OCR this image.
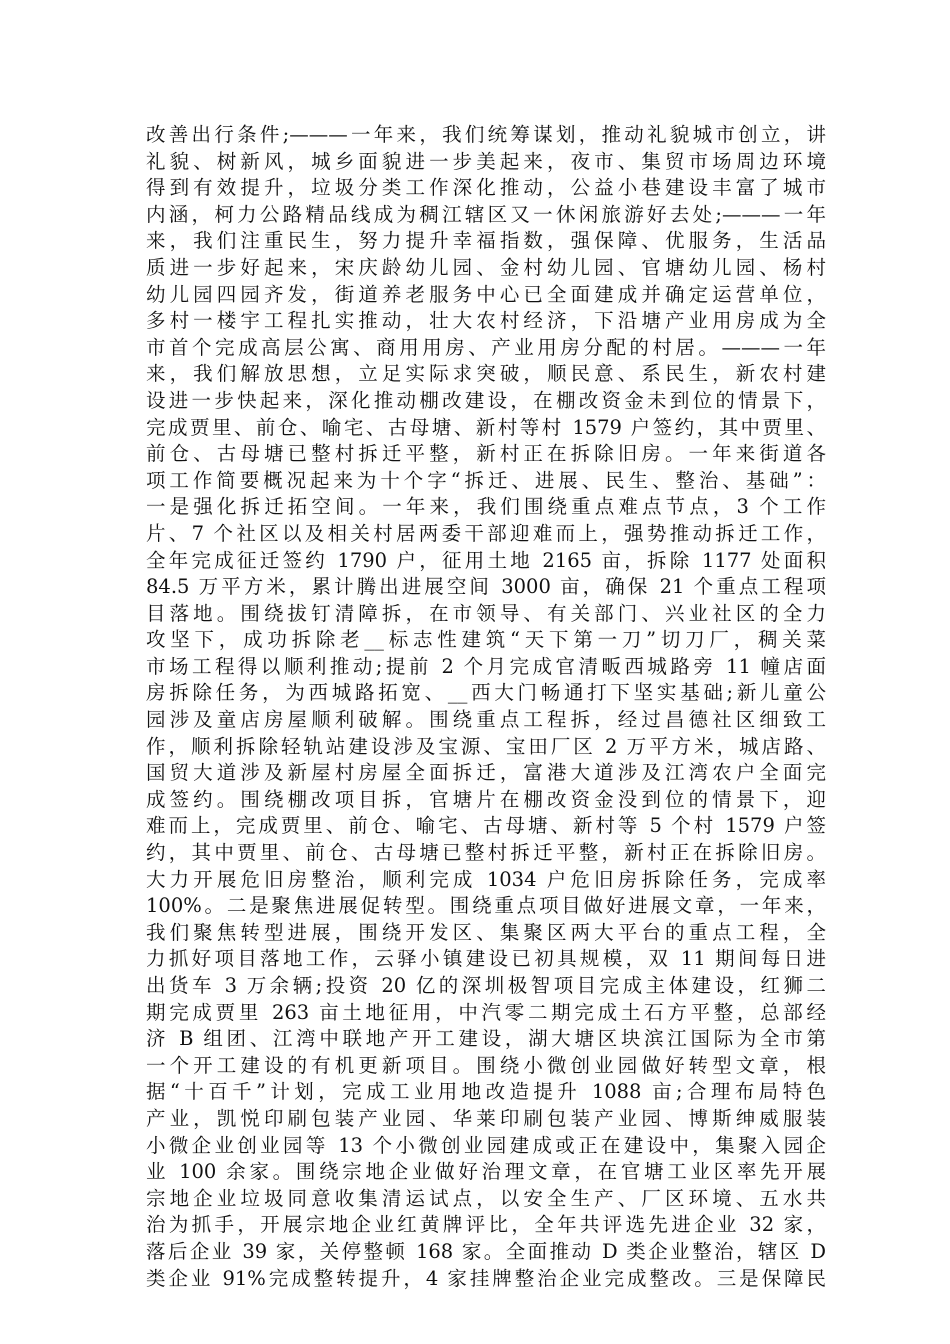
改善出行条件;———一年来，我们统筹谋划，推动礼貌城市创立，讲
礼貌、树新风，城乡面貌进一步美起来，夜市、集贸市场周边环境
得到有效提升，垃圾分类工作深化推动，公益小巷建设丰富了城市
内涵，柯力公路精品线成为稠江辖区又一休闲旅游好去处;———一年
来，我们注重民生，努力提升幸福指数，强保障、优服务，生活品
质进一步好起来，宋庆龄幼儿园、金村幼儿园、官塘幼儿园、杨村
幼儿园四园齐发，街道养老服务中心已全面建成并确定运营单位，
多村一楼宇工程扎实推动，壮大农村经济，下沿塘产业用房成为全
市首个完成高层公寓、商用用房、产业用房分配的村居。———一年
来，我们解放思想，立足实际求突破，顺民意、系民生，新农村建
设进一步快起来，深化推动棚改建设，在棚改资金未到位的情景下，
完成贾里、前仓、喻宅、古母塘、新村等村 1579 户签约，其中贾里、
前仓、古母塘已整村拆迁平整，新村正在拆除旧房。一年来街道各
项工作简要概况起来为十个字“拆迁、进展、民生、整治、基础”：
一是强化拆迁拓空间。一年来，我们围绕重点难点节点，3 个工作
片、7 个社区以及相关村居两委干部迎难而上，强势推动拆迁工作，
全年完成征迁签约 1790 户，征用土地 2165 亩，拆除 1177 处面积
84.5 万平方米，累计腾出进展空间 3000 亩，确保 21 个重点工程项
目落地。围绕拔钉清障拆，在市领导、有关部门、兴业社区的全力
攻坚下，成功拆除老__标志性建筑“天下第一刀”切刀厂，稠关菜
市场工程得以顺利推动;提前 2 个月完成官清畈西城路旁 11 幢店面
房拆除任务，为西城路拓宽、__西大门畅通打下坚实基础;新儿童公
园涉及童店房屋顺利破解。围绕重点工程拆，经过昌德社区细致工
作，顺利拆除轻轨站建设涉及宝源、宝田厂区 2 万平方米，城店路、
国贸大道涉及新屋村房屋全面拆迁，富港大道涉及江湾农户全面完
成签约。围绕棚改项目拆，官塘片在棚改资金没到位的情景下，迎
难而上，完成贾里、前仓、喻宅、古母塘、新村等 5 个村 1579 户签
约，其中贾里、前仓、古母塘已整村拆迁平整，新村正在拆除旧房。
大力开展危旧房整治，顺利完成 1034 户危旧房拆除任务，完成率
100%。二是聚焦进展促转型。围绕重点项目做好进展文章，一年来，
我们聚焦转型进展，围绕开发区、集聚区两大平台的重点工程，全
力抓好项目落地工作，云驿小镇建设已初具规模，双 11 期间每日进
出货车 3 万余辆;投资 20 亿的深圳极智项目完成主体建设，红狮二
期完成贾里 263 亩土地征用，中汽零二期完成土石方平整，总部经
济 B 组团、江湾中联地产开工建设，湖大塘区块滨江国际为全市第
一个开工建设的有机更新项目。围绕小微创业园做好转型文章，根
据“十百千”计划，完成工业用地改造提升 1088 亩;合理布局特色
产业，凯悦印刷包装产业园、华莱印刷包装产业园、博斯绅威服装
小微企业创业园等 13 个小微创业园建成或正在建设中，集聚入园企
业 100 余家。围绕宗地企业做好治理文章，在官塘工业区率先开展
宗地企业垃圾同意收集清运试点，以安全生产、厂区环境、五水共
治为抓手，开展宗地企业红黄牌评比，全年共评选先进企业 32 家，
落后企业 39 家，关停整顿 168 家。全面推动 D 类企业整治，辖区 D
类企业 91%完成整转提升，4 家挂牌整治企业完成整改。三是保障民
